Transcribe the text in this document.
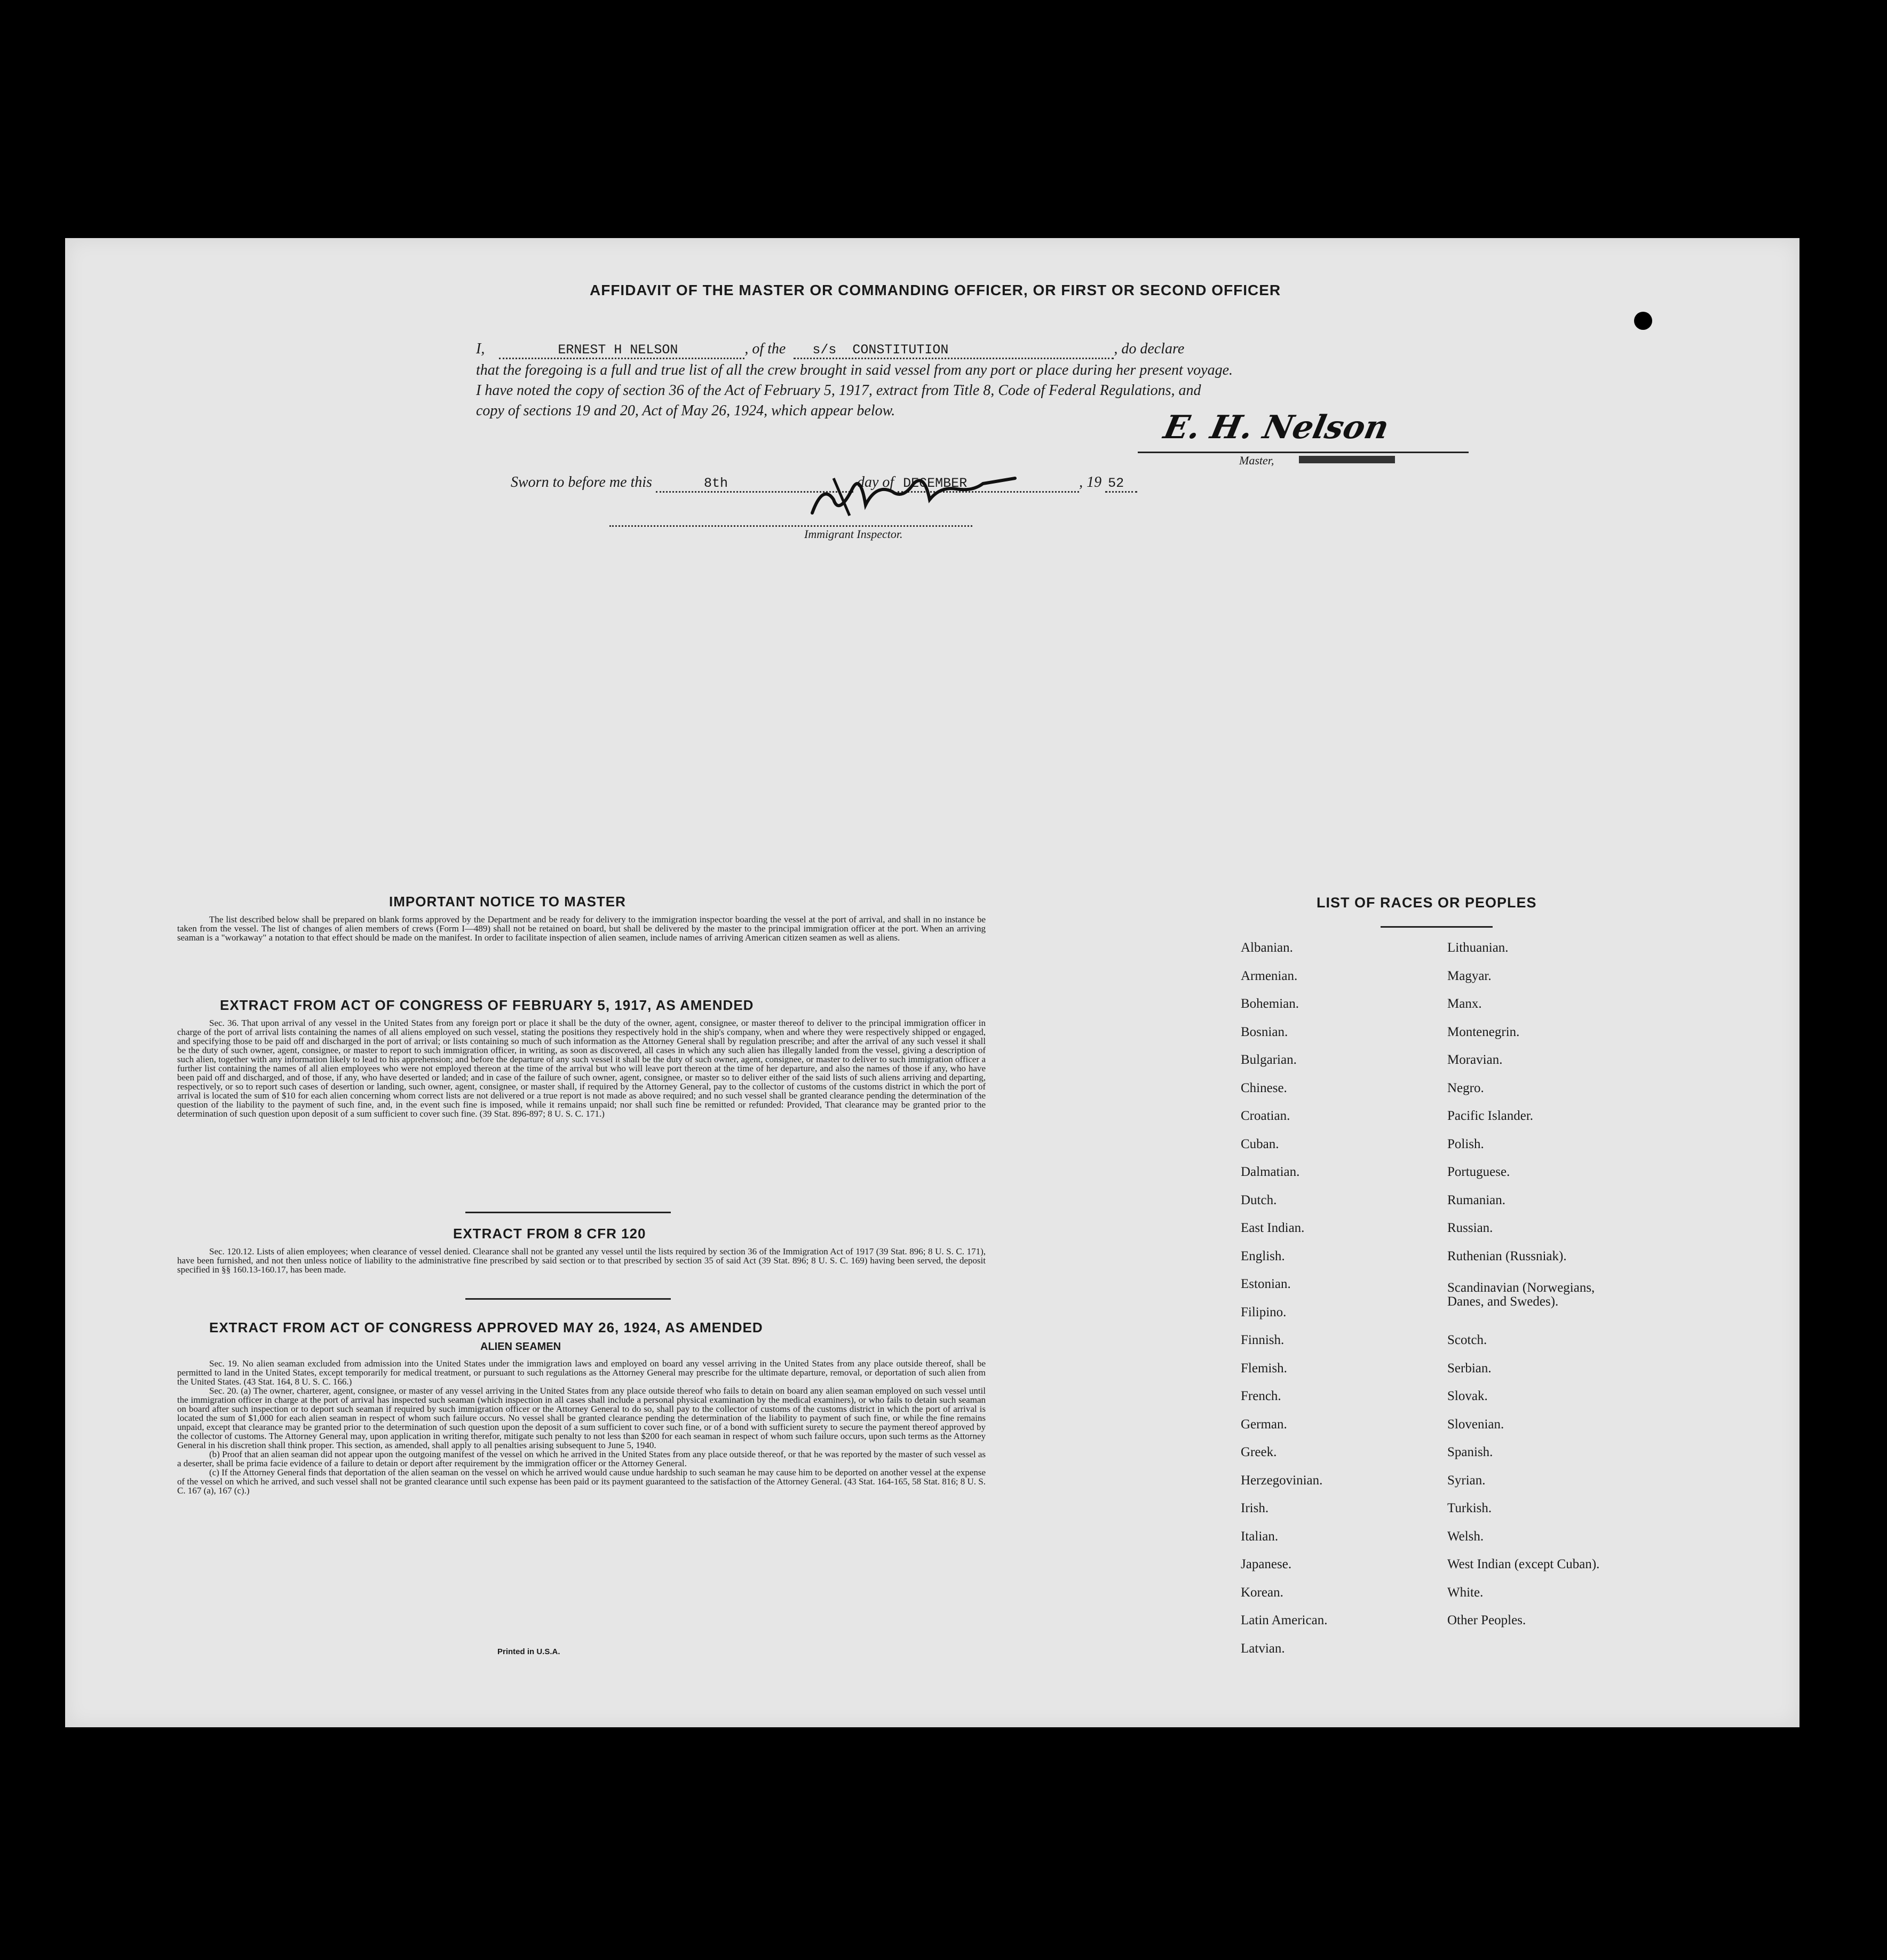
AFFIDAVIT OF THE MASTER OR COMMANDING OFFICER, OR FIRST OR SECOND OFFICER
I,	ERNEST H NELSON	, of the s/s CONSTITUTION	, do declare
that the foregoing is a full and true list of all the crew brought in said vessel from any port or place during her present voyage.
I have noted the copy of section 36 of the Act of February 5, 1917, extract from Title 8, Code of Federal Regulations, and
copy of sections 19 and 20, Act of May 26, 1924, which appear below.	E. H. Nelson
Master,
Sworn to before me this	8th	day of DECEMBER	, 19 52
Immigrant Inspector.
IMPORTANT NOTICE TO MASTER
The list described below shall be prepared on blank forms approved by the Department and be ready for delivery to the immigration inspector boarding the vessel at the port of arrival, and shall in no instance be taken from the vessel. The list of changes of alien members of crews (Form I—489) shall not be retained on board, but shall be delivered by the master to the principal immigration officer at the port. When an arriving seaman is a "workaway" a notation to that effect should be made on the manifest. In order to facilitate inspection of alien seamen, include names of arriving American citizen seamen as well as aliens.
EXTRACT FROM ACT OF CONGRESS OF FEBRUARY 5, 1917, AS AMENDED
Sec. 36. That upon arrival of any vessel in the United States from any foreign port or place it shall be the duty of the owner, agent, consignee, or master thereof to deliver to the principal immigration officer in charge of the port of arrival lists containing the names of all aliens employed on such vessel, stating the positions they respectively hold in the ship's company, when and where they were respectively shipped or engaged, and specifying those to be paid off and discharged in the port of arrival; or lists containing so much of such information as the Attorney General shall by regulation prescribe; and after the arrival of any such vessel it shall be the duty of such owner, agent, consignee, or master to report to such immigration officer, in writing, as soon as discovered, all cases in which any such alien has illegally landed from the vessel, giving a description of such alien, together with any information likely to lead to his apprehension; and before the departure of any such vessel it shall be the duty of such owner, agent, consignee, or master to deliver to such immigration officer a further list containing the names of all alien employees who were not employed thereon at the time of the arrival but who will leave port thereon at the time of her departure, and also the names of those if any, who have been paid off and discharged, and of those, if any, who have deserted or landed; and in case of the failure of such owner, agent, consignee, or master so to deliver either of the said lists of such aliens arriving and departing, respectively, or so to report such cases of desertion or landing, such owner, agent, consignee, or master shall, if required by the Attorney General, pay to the collector of customs of the customs district in which the port of arrival is located the sum of $10 for each alien concerning whom correct lists are not delivered or a true report is not made as above required; and no such vessel shall be granted clearance pending the determination of the question of the liability to the payment of such fine, and, in the event such fine is imposed, while it remains unpaid; nor shall such fine be remitted or refunded: Provided, That clearance may be granted prior to the determination of such question upon deposit of a sum sufficient to cover such fine. (39 Stat. 896-897; 8 U. S. C. 171.)
EXTRACT FROM 8 CFR 120
Sec. 120.12. Lists of alien employees; when clearance of vessel denied. Clearance shall not be granted any vessel until the lists required by section 36 of the Immigration Act of 1917 (39 Stat. 896; 8 U. S. C. 171), have been furnished, and not then unless notice of liability to the administrative fine prescribed by said section or to that prescribed by section 35 of said Act (39 Stat. 896; 8 U. S. C. 169) having been served, the deposit specified in §§ 160.13-160.17, has been made.
EXTRACT FROM ACT OF CONGRESS APPROVED MAY 26, 1924, AS AMENDED
ALIEN SEAMEN
Sec. 19. No alien seaman excluded from admission into the United States under the immigration laws and employed on board any vessel arriving in the United States from any place outside thereof, shall be permitted to land in the United States, except temporarily for medical treatment, or pursuant to such regulations as the Attorney General may prescribe for the ultimate departure, removal, or deportation of such alien from the United States. (43 Stat. 164, 8 U. S. C. 166.)
Sec. 20. (a) The owner, charterer, agent, consignee, or master of any vessel arriving in the United States from any place outside thereof who fails to detain on board any alien seaman employed on such vessel until the immigration officer in charge at the port of arrival has inspected such seaman (which inspection in all cases shall include a personal physical examination by the medical examiners), or who fails to detain such seaman on board after such inspection or to deport such seaman if required by such immigration officer or the Attorney General to do so, shall pay to the collector of customs of the customs district in which the port of arrival is located the sum of $1,000 for each alien seaman in respect of whom such failure occurs. No vessel shall be granted clearance pending the determination of the liability to payment of such fine, or while the fine remains unpaid, except that clearance may be granted prior to the determination of such question upon the deposit of a sum sufficient to cover such fine, or of a bond with sufficient surety to secure the payment thereof approved by the collector of customs. The Attorney General may, upon application in writing therefor, mitigate such penalty to not less than $200 for each seaman in respect of whom such failure occurs, upon such terms as the Attorney General in his discretion shall think proper. This section, as amended, shall apply to all penalties arising subsequent to June 5, 1940.
(b) Proof that an alien seaman did not appear upon the outgoing manifest of the vessel on which he arrived in the United States from any place outside thereof, or that he was reported by the master of such vessel as a deserter, shall be prima facie evidence of a failure to detain or deport after requirement by the immigration officer or the Attorney General.
(c) If the Attorney General finds that deportation of the alien seaman on the vessel on which he arrived would cause undue hardship to such seaman he may cause him to be deported on another vessel at the expense of the vessel on which he arrived, and such vessel shall not be granted clearance until such expense has been paid or its payment guaranteed to the satisfaction of the Attorney General. (43 Stat. 164-165, 58 Stat. 816; 8 U. S. C. 167 (a), 167 (c).)
Printed in U.S.A.
LIST OF RACES OR PEOPLES
Albanian.
Armenian.
Bohemian.
Bosnian.
Bulgarian.
Chinese.
Croatian.
Cuban.
Dalmatian.
Dutch.
East Indian.
English.
Estonian.
Filipino.
Finnish.
Flemish.
French.
German.
Greek.
Herzegovinian.
Irish.
Italian.
Japanese.
Korean.
Latin American.
Latvian.
Lithuanian.
Magyar.
Manx.
Montenegrin.
Moravian.
Negro.
Pacific Islander.
Polish.
Portuguese.
Rumanian.
Russian.
Ruthenian (Russniak).
Scandinavian (Norwegians, Danes, and Swedes).
Scotch.
Serbian.
Slovak.
Slovenian.
Spanish.
Syrian.
Turkish.
Welsh.
West Indian (except Cuban).
White.
Other Peoples.
